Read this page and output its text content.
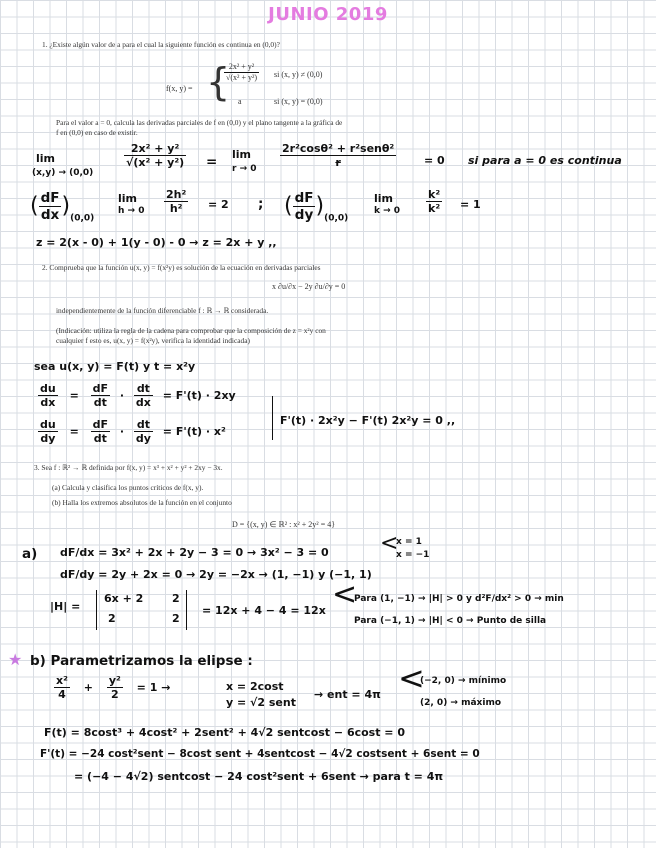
JUNIO 2019
1. ¿Existe algún valor de a para el cual la siguiente función es continua en (0,0)?
f(x, y) = {
$\frac{\text{2x² + y²}}{\text{√(x² + y²)}}$ si (x, y) ≠ (0,0)
a	si (x, y) = (0,0)
Para el valor a = 0, calcula las derivadas parciales de f en (0,0) y el plano tangente a la gráfica de
f en (0,0) en caso de existir.
lim
(x,y) → (0,0)
$\frac{\text{2x² + y²}}{\text{√(x² + y²)}} = \lim$
$r \to 0 \frac{\text{2r²cosθ² + r²senθ²}}{r}$	= 0 si para a = 0 es continua
( $\frac{dF}{dx} )_{(0,0)}$
lim
$h \to 0 \frac{\text{2h²}}{\text{h²}} = 2$ ; ( $\frac{dF}{dy} )_{(0,0)}$
lim
$k \to 0 \frac{\text{k²}}{\text{k²}} = 1$
z = 2(x - 0) + 1(y - 0) - 0 → z = 2x + y ,,
2. Comprueba que la función u(x, y) = f(x²y) es solución de la ecuación en derivadas parciales
x ∂u/∂x − 2y ∂u/∂y = 0
independientemente de la función diferenciable f : ℝ → ℝ considerada.
(Indicación: utiliza la regla de la cadena para comprobar que la composición de z = x²y con
cualquier f esto es, u(x, y) = f(x²y), verifica la identidad indicada)
sea u(x, y) = F(t) y t = x²y
$\frac{du}{dx} = \frac{dF}{dt} \cdot \frac{dt}{dx} = F'(t) \cdot 2xy$
$\frac{du}{dy} = \frac{dF}{dt} \cdot \frac{dt}{dy} = F'(t) \cdot x^2$
F'(t) · 2x²y − F'(t) 2x²y = 0 ,,
3. Sea f : ℝ² → ℝ definida por f(x, y) = x³ + x² + y² + 2xy − 3x.
(a) Calcula y clasifica los puntos críticos de f(x, y).
(b) Halla los extremos absolutos de la función en el conjunto
D = {(x, y) ∈ ℝ² : x² + 2y² = 4}
a) dF/dx = 3x² + 2x + 2y − 3 = 0 → 3x² − 3 = 0 <
x = 1
x = −1
dF/dy = 2y + 2x = 0 → 2y = −2x → (1, −1) y (−1, 1)
|H| =
6x + 2	2
2	2
= 12x + 4 − 4 = 12x <
Para (1, −1) → |H| > 0 y d²F/dx² > 0 → min
Para (−1, 1) → |H| < 0 → Punto de silla
★ b) Parametrizamos la elipse :
$\frac{\text{x²}}{4} + \frac{\text{y²}}{2} = 1$ →	x = 2cost
y = √2 sent
→ ent = 4π <
(−2, 0) → mínimo
(2, 0) → máximo
F(t) = 8cost³ + 4cost² + 2sent² + 4√2 sentcost − 6cost = 0
F'(t) = −24 cost²sent − 8cost sent + 4sentcost − 4√2 costsent + 6sent = 0
= (−4 − 4√2) sentcost − 24 cost²sent + 6sent → para t = 4π
